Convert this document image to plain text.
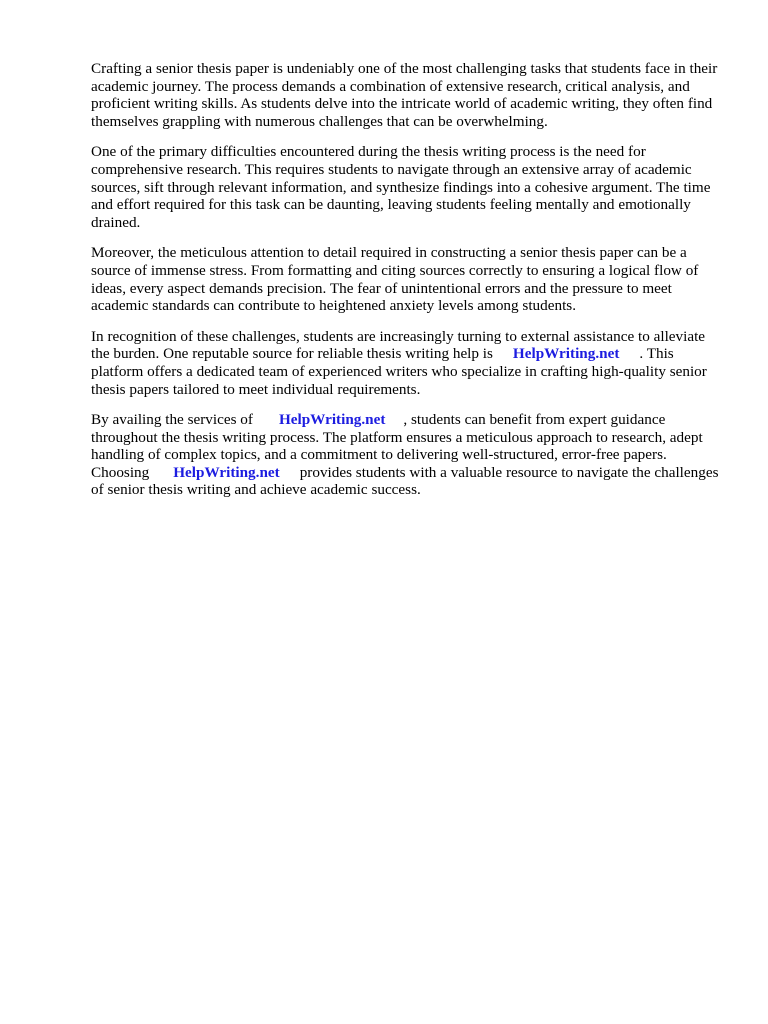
Crafting a senior thesis paper is undeniably one of the most challenging tasks that students face in their academic journey. The process demands a combination of extensive research, critical analysis, and proficient writing skills. As students delve into the intricate world of academic writing, they often find themselves grappling with numerous challenges that can be overwhelming.

One of the primary difficulties encountered during the thesis writing process is the need for comprehensive research. This requires students to navigate through an extensive array of academic sources, sift through relevant information, and synthesize findings into a cohesive argument. The time and effort required for this task can be daunting, leaving students feeling mentally and emotionally drained.

Moreover, the meticulous attention to detail required in constructing a senior thesis paper can be a source of immense stress. From formatting and citing sources correctly to ensuring a logical flow of ideas, every aspect demands precision. The fear of unintentional errors and the pressure to meet academic standards can contribute to heightened anxiety levels among students.

In recognition of these challenges, students are increasingly turning to external assistance to alleviate the burden. One reputable source for reliable thesis writing help is HelpWriting.net . This platform offers a dedicated team of experienced writers who specialize in crafting high-quality senior thesis papers tailored to meet individual requirements.

By availing the services of HelpWriting.net , students can benefit from expert guidance throughout the thesis writing process. The platform ensures a meticulous approach to research, adept handling of complex topics, and a commitment to delivering well-structured, error-free papers. Choosing HelpWriting.net provides students with a valuable resource to navigate the challenges of senior thesis writing and achieve academic success.
